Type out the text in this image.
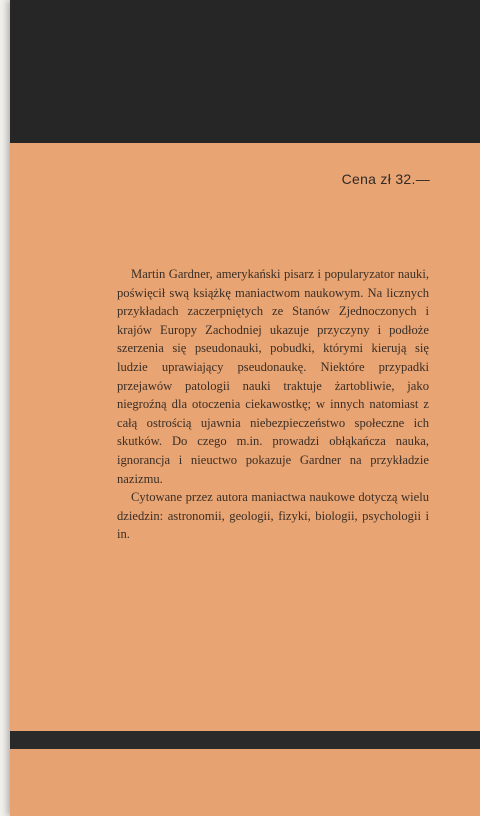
Cena zł 32.—

Martin Gardner, amerykański pisarz i popularyzator nauki, poświęcił swą książkę maniactwom naukowym. Na licznych przykładach zaczerpniętych ze Stanów Zjednoczonych i krajów Europy Zachodniej ukazuje przyczyny i podłoże szerzenia się pseudonauki, pobudki, którymi kierują się ludzie uprawiający pseudonaukę. Niektóre przypadki przejawów patologii nauki traktuje żartobliwie, jako niegroźną dla otoczenia ciekawostkę; w innych natomiast z całą ostrością ujawnia niebezpieczeństwo społeczne ich skutków. Do czego m.in. prowadzi obłąkańcza nauka, ignorancja i nieuctwo pokazuje Gardner na przykładzie nazizmu.

Cytowane przez autora maniactwa naukowe dotyczą wielu dziedzin: astronomii, geologii, fizyki, biologii, psychologii i in.
